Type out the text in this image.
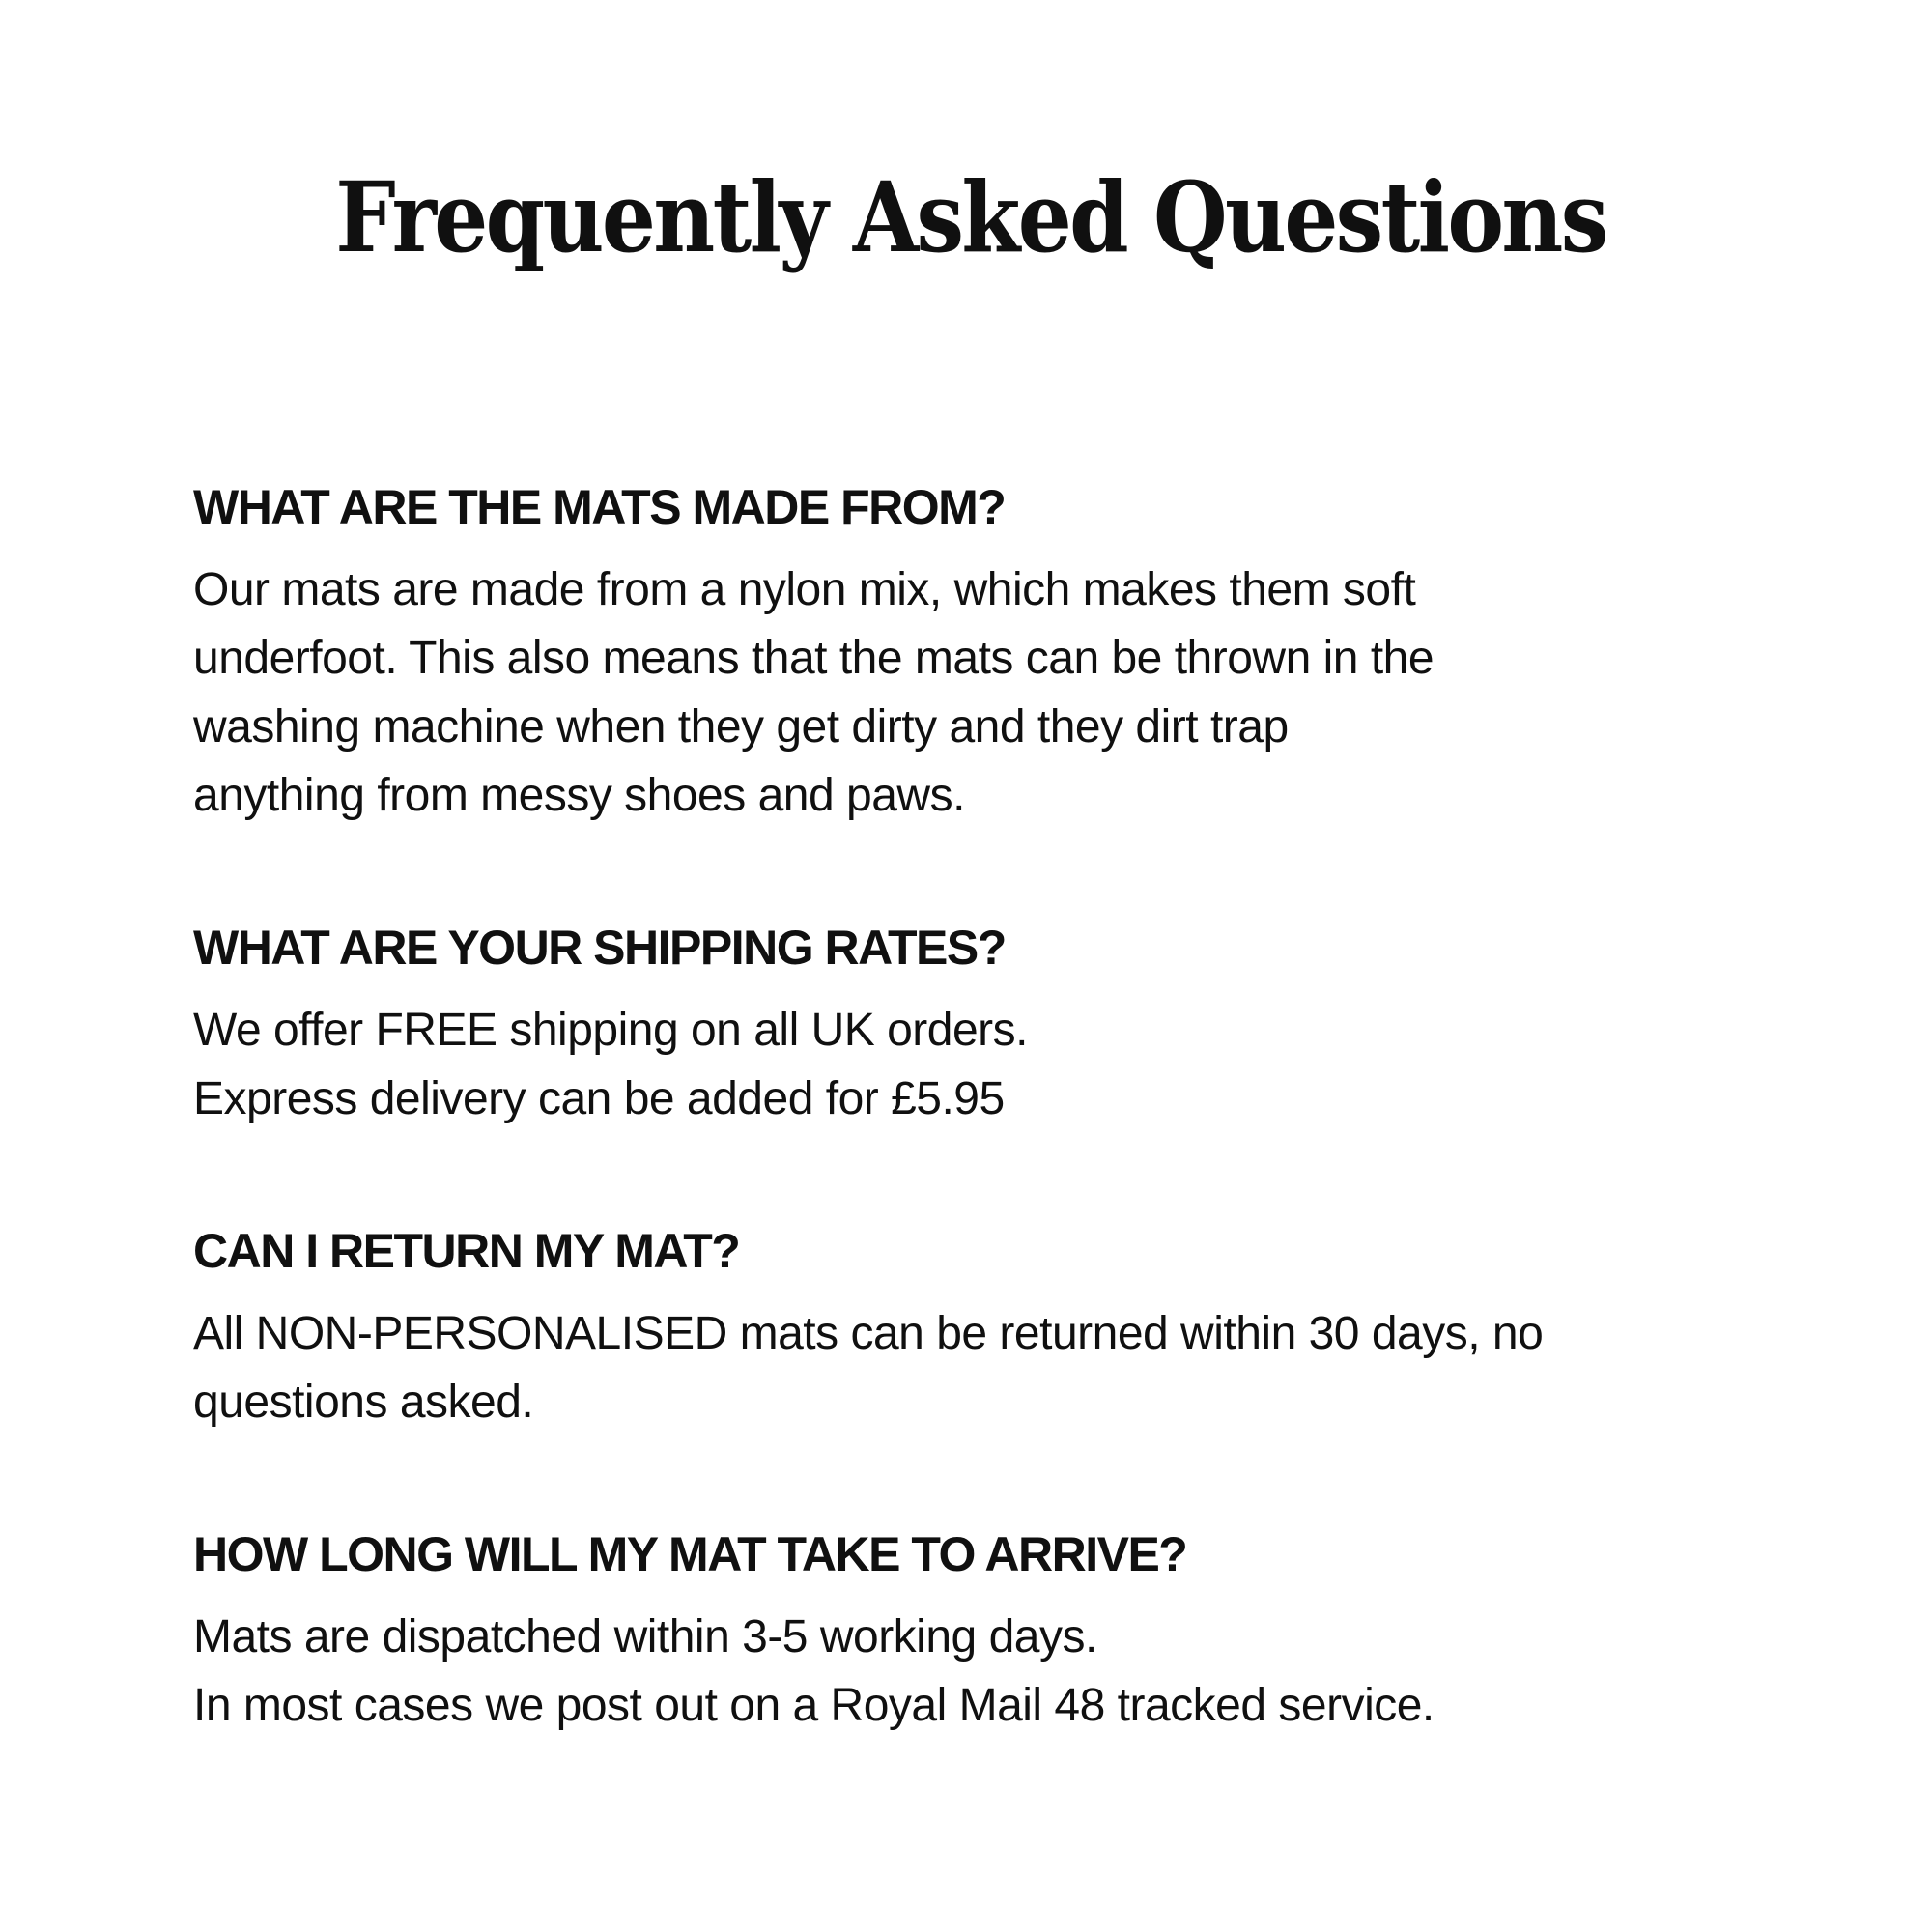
Frequently Asked Questions
WHAT ARE THE MATS MADE FROM?
Our mats are made from a nylon mix, which makes them soft
underfoot. This also means that the mats can be thrown in the
washing machine when they get dirty and they dirt trap
anything from messy shoes and paws.
WHAT ARE YOUR SHIPPING RATES?
We offer FREE shipping on all UK orders.
Express delivery can be added for £5.95
CAN I RETURN MY MAT?
All NON-PERSONALISED mats can be returned within 30 days, no
questions asked.
HOW LONG WILL MY MAT TAKE TO ARRIVE?
Mats are dispatched within 3-5 working days.
In most cases we post out on a Royal Mail 48 tracked service.
